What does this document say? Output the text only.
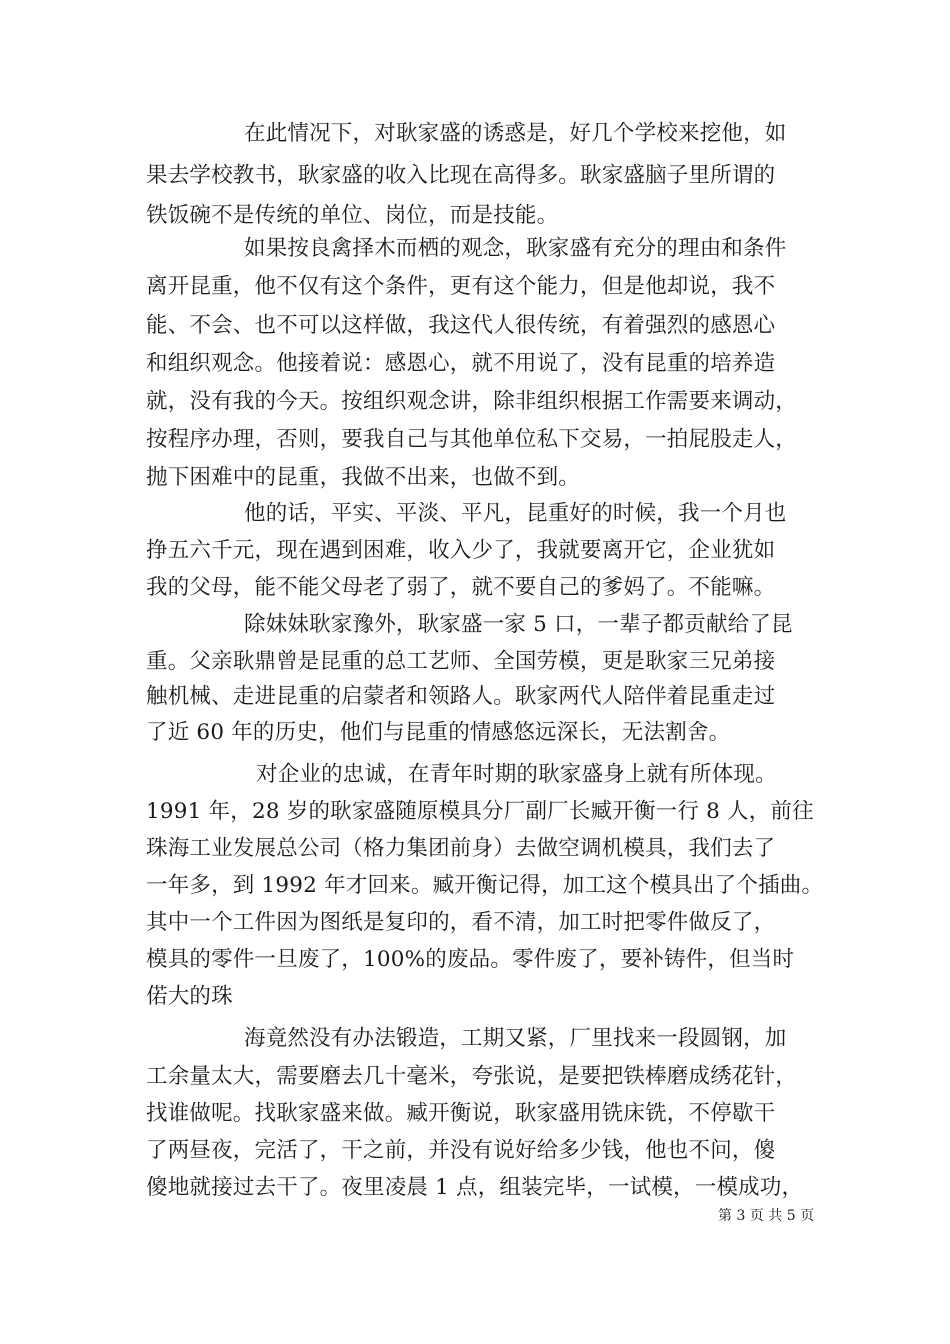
在此情况下，对耿家盛的诱惑是，好几个学校来挖他，如
果去学校教书，耿家盛的收入比现在高得多。耿家盛脑子里所谓的
铁饭碗不是传统的单位、岗位，而是技能。
如果按良禽择木而栖的观念，耿家盛有充分的理由和条件
离开昆重，他不仅有这个条件，更有这个能力，但是他却说，我不
能、不会、也不可以这样做，我这代人很传统，有着强烈的感恩心
和组织观念。他接着说：感恩心，就不用说了，没有昆重的培养造
就，没有我的今天。按组织观念讲，除非组织根据工作需要来调动，
按程序办理，否则，要我自己与其他单位私下交易，一拍屁股走人，
抛下困难中的昆重，我做不出来，也做不到。
他的话，平实、平淡、平凡，昆重好的时候，我一个月也
挣五六千元，现在遇到困难，收入少了，我就要离开它，企业犹如
我的父母，能不能父母老了弱了，就不要自己的爹妈了。不能嘛。
除妹妹耿家豫外，耿家盛一家 5 口，一辈子都贡献给了昆
重。父亲耿鼎曾是昆重的总工艺师、全国劳模，更是耿家三兄弟接
触机械、走进昆重的启蒙者和领路人。耿家两代人陪伴着昆重走过
了近 60 年的历史，他们与昆重的情感悠远深长，无法割舍。
对企业的忠诚，在青年时期的耿家盛身上就有所体现。
1991 年，28 岁的耿家盛随原模具分厂副厂长臧开衡一行 8 人，前往
珠海工业发展总公司（格力集团前身）去做空调机模具，我们去了
一年多，到 1992 年才回来。臧开衡记得，加工这个模具出了个插曲。
其中一个工件因为图纸是复印的，看不清，加工时把零件做反了，
模具的零件一旦废了，100%的废品。零件废了，要补铸件，但当时
偌大的珠
海竟然没有办法锻造，工期又紧，厂里找来一段圆钢，加
工余量太大，需要磨去几十毫米，夸张说，是要把铁棒磨成绣花针，
找谁做呢。找耿家盛来做。臧开衡说，耿家盛用铣床铣，不停歇干
了两昼夜，完活了，干之前，并没有说好给多少钱，他也不问，傻
傻地就接过去干了。夜里凌晨 1 点，组装完毕，一试模，一模成功，
第 3 页 共 5 页
